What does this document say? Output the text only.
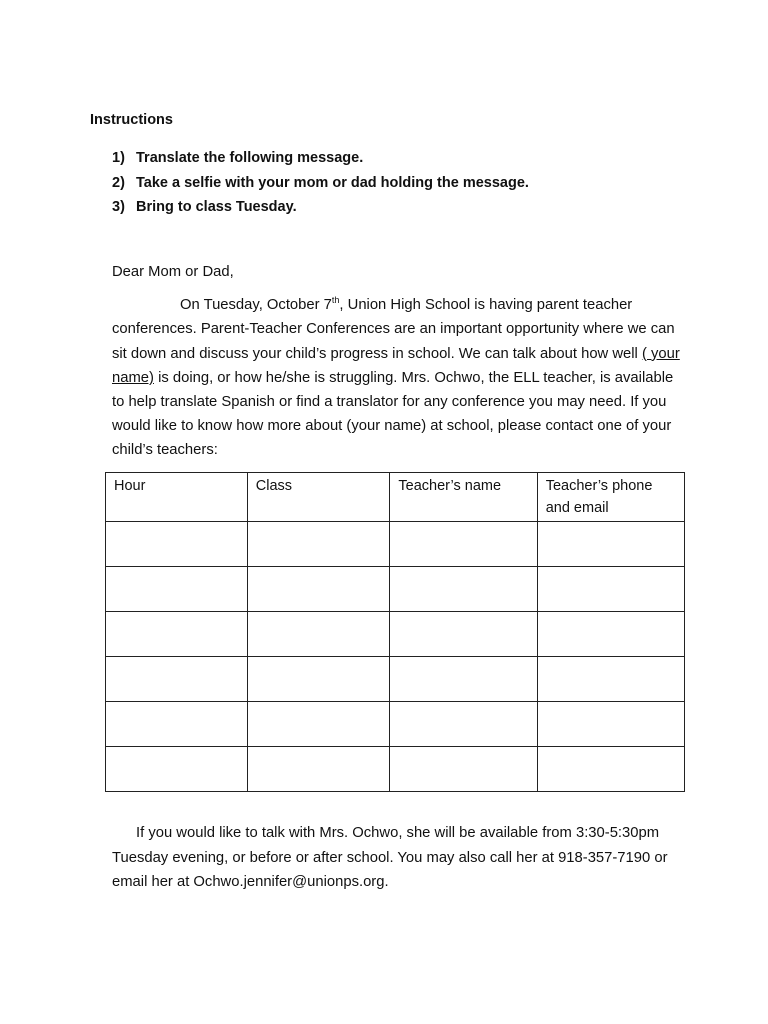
Instructions
1) Translate the following message.
2) Take a selfie with your mom or dad holding the message.
3) Bring to class Tuesday.

Dear Mom or Dad,

On Tuesday, October 7th, Union High School is having parent teacher conferences. Parent-Teacher Conferences are an important opportunity where we can sit down and discuss your child’s progress in school. We can talk about how well ( your name) is doing, or how he/she is struggling. Mrs. Ochwo, the ELL teacher, is available to help translate Spanish or find a translator for any conference you may need. If you would like to know how more about (your name) at school, please contact one of your child’s teachers:

Hour	Class	Teacher’s name	Teacher’s phone and email

If you would like to talk with Mrs. Ochwo, she will be available from 3:30-5:30pm Tuesday evening, or before or after school. You may also call her at 918-357-7190 or email her at Ochwo.jennifer@unionps.org.
